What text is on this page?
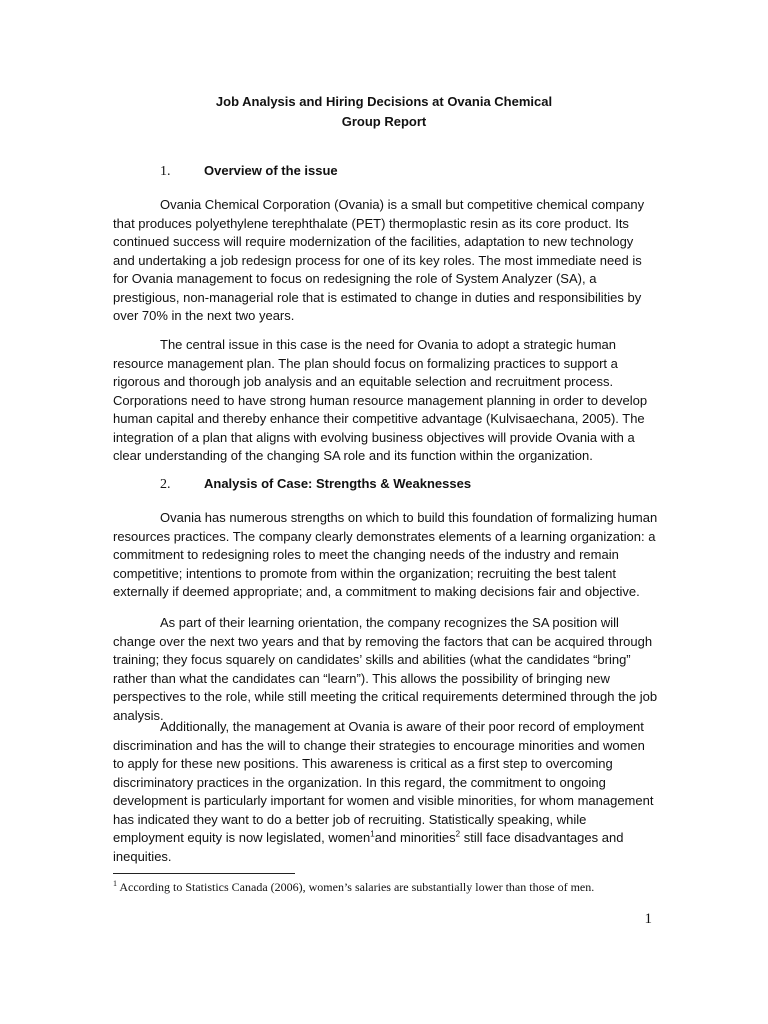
Job Analysis and Hiring Decisions at Ovania Chemical
Group Report
1.	Overview of the issue

Ovania Chemical Corporation (Ovania) is a small but competitive chemical company that produces polyethylene terephthalate (PET) thermoplastic resin as its core product. Its continued success will require modernization of the facilities, adaptation to new technology and undertaking a job redesign process for one of its key roles. The most immediate need is for Ovania management to focus on redesigning the role of System Analyzer (SA), a prestigious, non-managerial role that is estimated to change in duties and responsibilities by over 70% in the next two years.

The central issue in this case is the need for Ovania to adopt a strategic human resource management plan. The plan should focus on formalizing practices to support a rigorous and thorough job analysis and an equitable selection and recruitment process. Corporations need to have strong human resource management planning in order to develop human capital and thereby enhance their competitive advantage (Kulvisaechana, 2005). The integration of a plan that aligns with evolving business objectives will provide Ovania with a clear understanding of the changing SA role and its function within the organization.

2.	Analysis of Case: Strengths & Weaknesses

Ovania has numerous strengths on which to build this foundation of formalizing human resources practices. The company clearly demonstrates elements of a learning organization: a commitment to redesigning roles to meet the changing needs of the industry and remain competitive; intentions to promote from within the organization; recruiting the best talent externally if deemed appropriate; and, a commitment to making decisions fair and objective.

As part of their learning orientation, the company recognizes the SA position will change over the next two years and that by removing the factors that can be acquired through training; they focus squarely on candidates’ skills and abilities (what the candidates “bring” rather than what the candidates can “learn”). This allows the possibility of bringing new perspectives to the role, while still meeting the critical requirements determined through the job analysis.

Additionally, the management at Ovania is aware of their poor record of employment discrimination and has the will to change their strategies to encourage minorities and women to apply for these new positions. This awareness is critical as a first step to overcoming discriminatory practices in the organization. In this regard, the commitment to ongoing development is particularly important for women and visible minorities, for whom management has indicated they want to do a better job of recruiting. Statistically speaking, while employment equity is now legislated, women$^1$and minorities$^2$ still face disadvantages and inequities.

$^1$ According to Statistics Canada (2006), women’s salaries are substantially lower than those of men.
1
